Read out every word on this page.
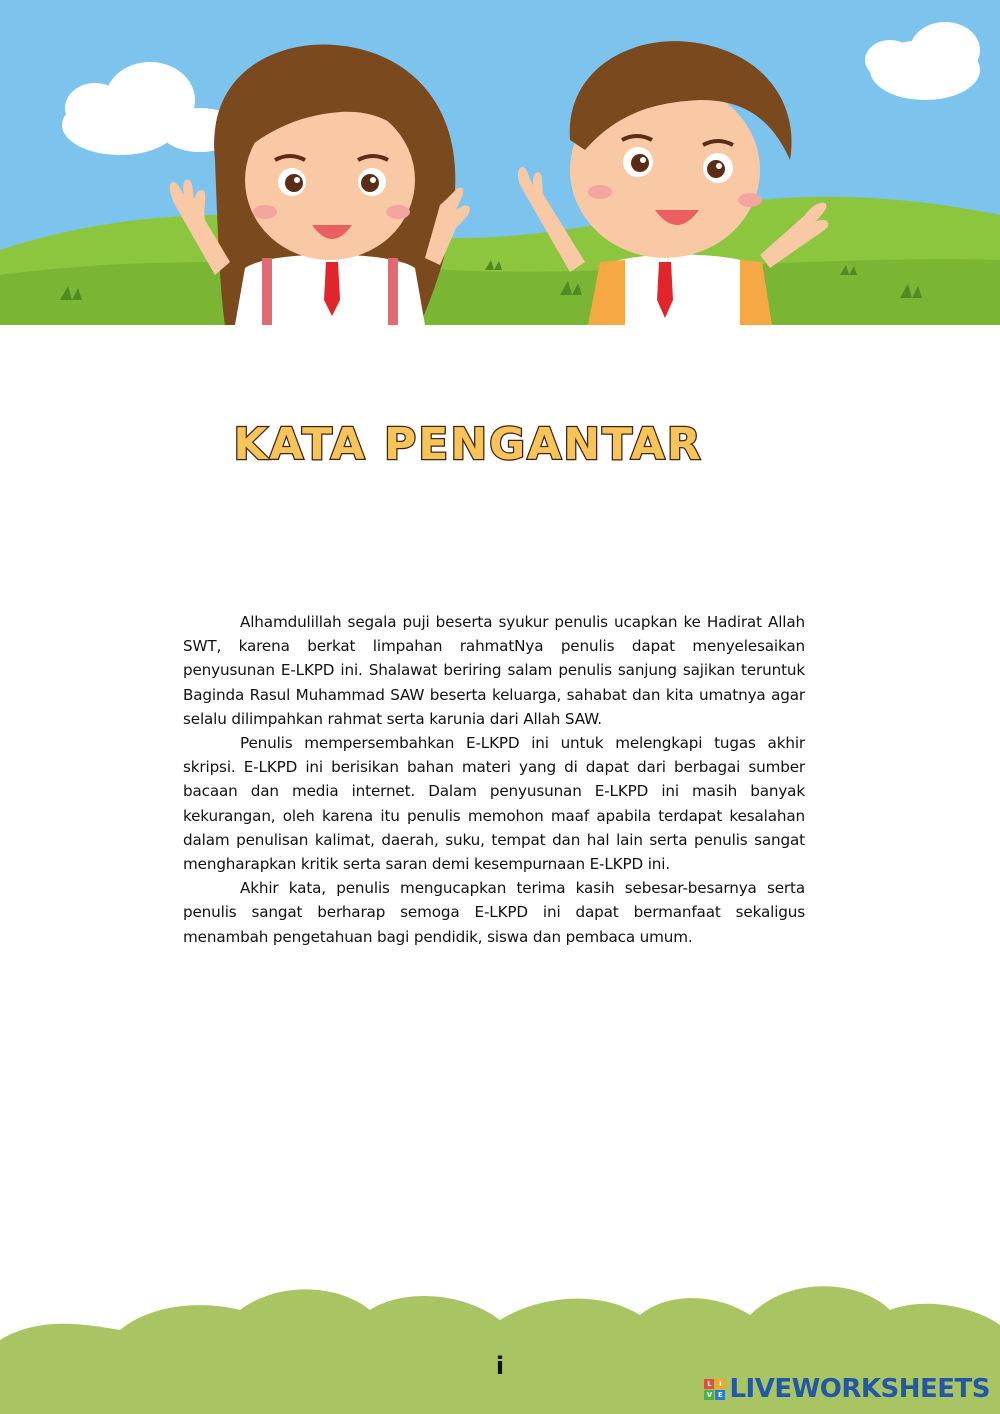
KATA PENGANTAR

Alhamdulillah segala puji beserta syukur penulis ucapkan ke Hadirat Allah SWT, karena berkat limpahan rahmatNya penulis dapat menyelesaikan penyusunan E-LKPD ini. Shalawat beriring salam penulis sanjung sajikan teruntuk Baginda Rasul Muhammad SAW beserta keluarga, sahabat dan kita umatnya agar selalu dilimpahkan rahmat serta karunia dari Allah SAW.

Penulis mempersembahkan E-LKPD ini untuk melengkapi tugas akhir skripsi. E-LKPD ini berisikan bahan materi yang di dapat dari berbagai sumber bacaan dan media internet. Dalam penyusunan E-LKPD ini masih banyak kekurangan, oleh karena itu penulis memohon maaf apabila terdapat kesalahan dalam penulisan kalimat, daerah, suku, tempat dan hal lain serta penulis sangat mengharapkan kritik serta saran demi kesempurnaan E-LKPD ini.

Akhir kata, penulis mengucapkan terima kasih sebesar-besarnya serta penulis sangat berharap semoga E-LKPD ini dapat bermanfaat sekaligus menambah pengetahuan bagi pendidik, siswa dan pembaca umum.

i
L	I
V E LIVEWORKSHEETS
